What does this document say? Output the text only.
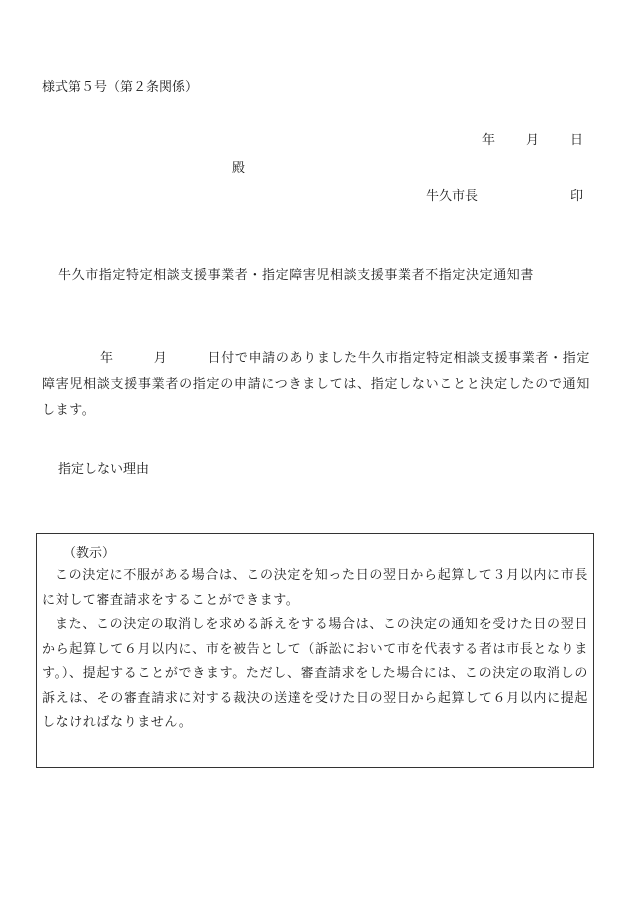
様式第５号（第２条関係）
年 月 日
殿
牛久市長	印
牛久市指定特定相談支援事業者・指定障害児相談支援事業者不指定決定通知書
年	月	日付で申請のありました牛久市指定特定相談支援事業者・指定障害児相談支援事業者の指定の申請につきましては、指定しないことと決定したので通知します。
指定しない理由
（教示）

この決定に不服がある場合は、この決定を知った日の翌日から起算して３月以内に市長に対して審査請求をすることができます。

また、この決定の取消しを求める訴えをする場合は、この決定の通知を受けた日の翌日から起算して６月以内に、市を被告として（訴訟において市を代表する者は市長となります。）、提起することができます。ただし、審査請求をした場合には、この決定の取消しの訴えは、その審査請求に対する裁決の送達を受けた日の翌日から起算して６月以内に提起しなければなりません。
